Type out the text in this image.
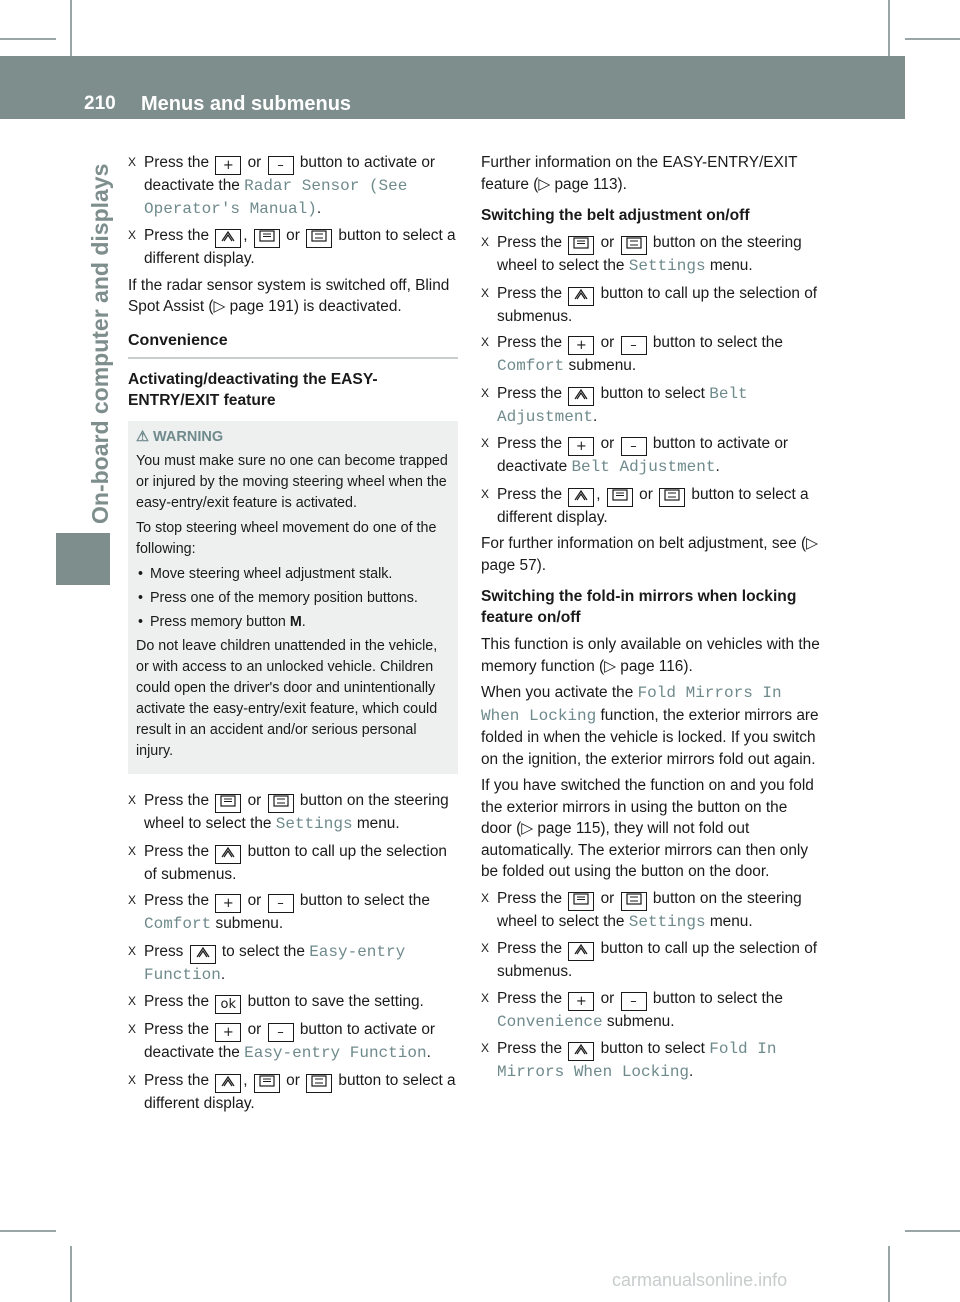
210 Menus and submenus
On-board computer and displays
X Press the + or – button to activate or deactivate the Radar Sensor (See Operator's Manual).
X Press the ,	or	button to select a different display.

If the radar sensor system is switched off, Blind Spot Assist (▷ page 191) is deactivated.

Convenience
Activating/deactivating the EASY-ENTRY/EXIT feature
⚠ WARNING

You must make sure no one can become trapped or injured by the moving steering wheel when the easy-entry/exit feature is activated.

To stop steering wheel movement do one of the following:

• Move steering wheel adjustment stalk.
• Press one of the memory position buttons.
• Press memory button M.

Do not leave children unattended in the vehicle, or with access to an unlocked vehicle. Children could open the driver's door and unintentionally activate the easy-entry/exit feature, which could result in an accident and/or serious personal injury.

X Press the	or	button on the steering wheel to select the Settings menu.
X Press the	button to call up the selection of submenus.
X Press the + or – button to select the Comfort submenu.
X Press	to select the Easy-entry Function.
X Press the ok button to save the setting.
X Press the + or – button to activate or deactivate the Easy-entry Function.
X Press the ,	or	button to select a different display.

Further information on the EASY-ENTRY/EXIT feature (▷ page 113).

Switching the belt adjustment on/off
X Press the	or	button on the steering wheel to select the Settings menu.
X Press the	button to call up the selection of submenus.
X Press the + or – button to select the Comfort submenu.
X Press the	button to select Belt Adjustment.
X Press the + or – button to activate or deactivate Belt Adjustment.
X Press the ,	or	button to select a different display.

For further information on belt adjustment, see (▷ page 57).

Switching the fold-in mirrors when locking feature on/off

This function is only available on vehicles with the memory function (▷ page 116).

When you activate the Fold Mirrors In When Locking function, the exterior mirrors are folded in when the vehicle is locked. If you switch on the ignition, the exterior mirrors fold out again.

If you have switched the function on and you fold the exterior mirrors in using the button on the door (▷ page 115), they will not fold out automatically. The exterior mirrors can then only be folded out using the button on the door.

X Press the	or	button on the steering wheel to select the Settings menu.
X Press the	button to call up the selection of submenus.
X Press the + or – button to select the Convenience submenu.
X Press the	button to select Fold In Mirrors When Locking.
carmanualsonline.info
